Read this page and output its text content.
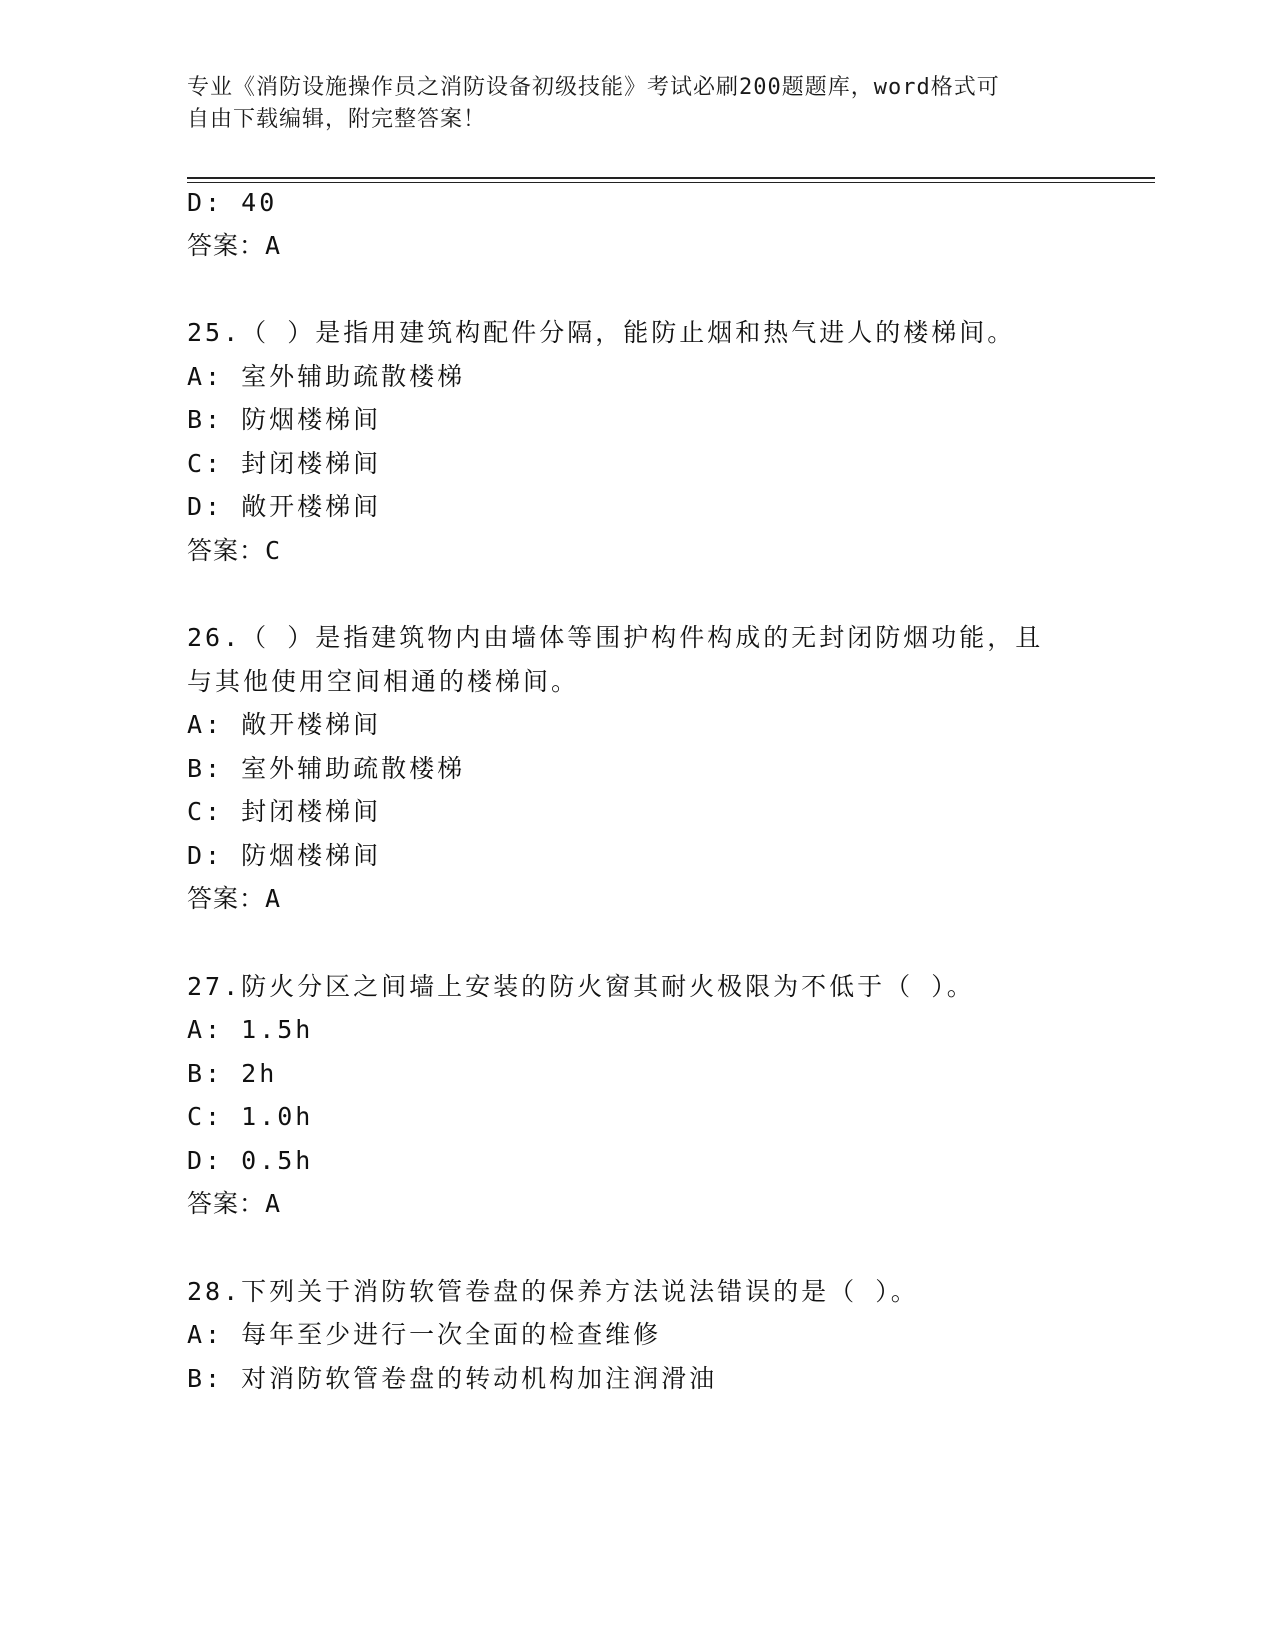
专业《消防设施操作员之消防设备初级技能》考试必刷200题题库，word格式可
自由下载编辑，附完整答案！
D: 40
答案：A
25.（ ）是指用建筑构配件分隔，能防止烟和热气进人的楼梯间。
A: 室外辅助疏散楼梯
B: 防烟楼梯间
C: 封闭楼梯间
D: 敞开楼梯间
答案：C
26.（ ）是指建筑物内由墙体等围护构件构成的无封闭防烟功能，且
与其他使用空间相通的楼梯间。
A: 敞开楼梯间
B: 室外辅助疏散楼梯
C: 封闭楼梯间
D: 防烟楼梯间
答案：A
27.防火分区之间墙上安装的防火窗其耐火极限为不低于（ ）。
A: 1.5h
B: 2h
C: 1.0h
D: 0.5h
答案：A
28.下列关于消防软管卷盘的保养方法说法错误的是（ ）。
A: 每年至少进行一次全面的检查维修
B: 对消防软管卷盘的转动机构加注润滑油
